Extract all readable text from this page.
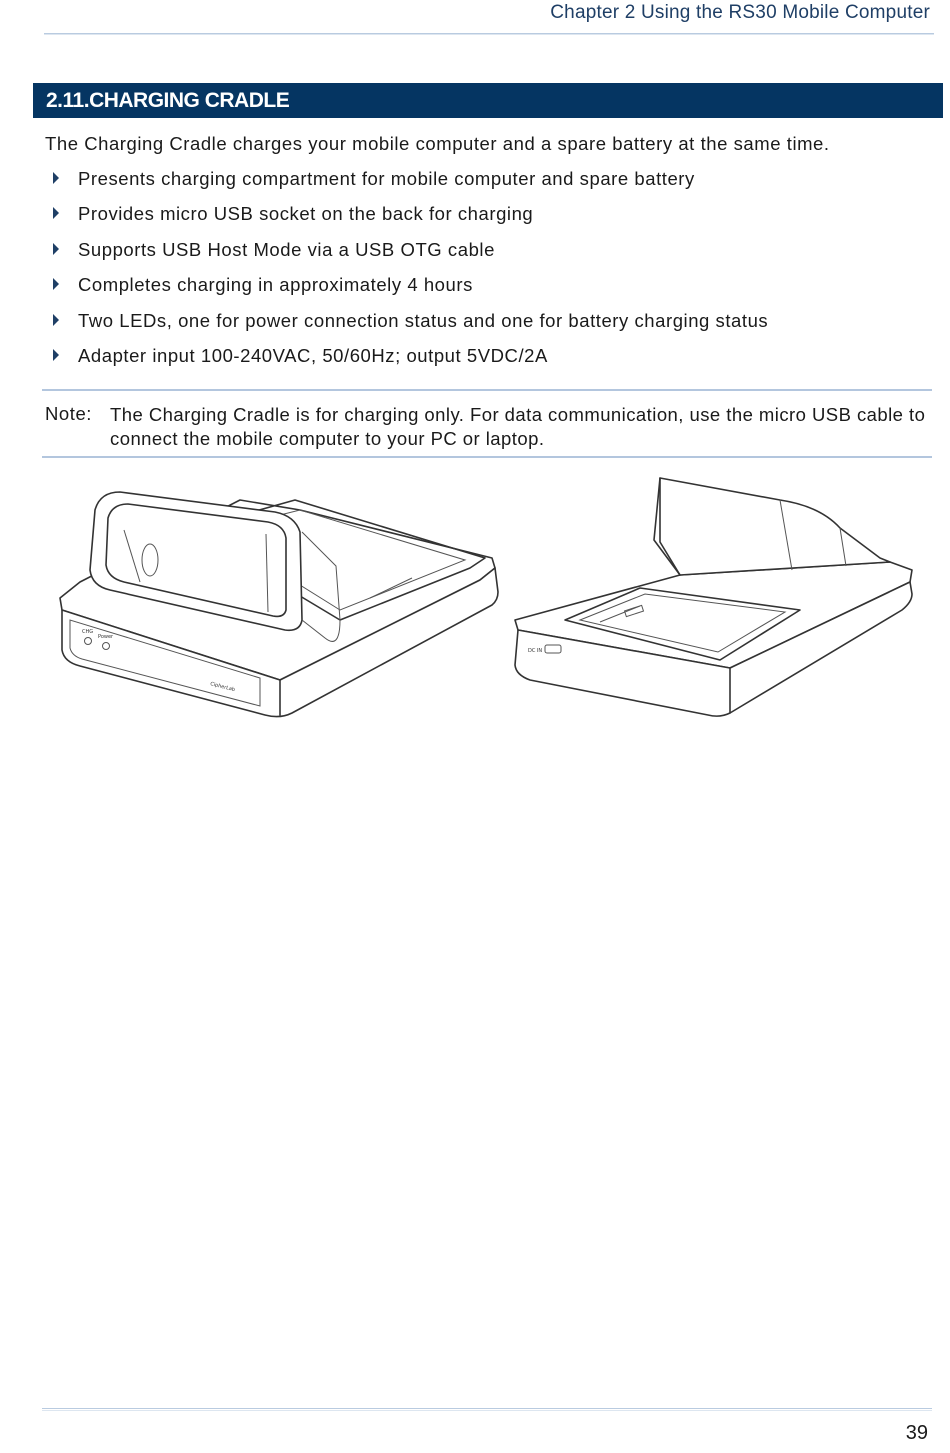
Chapter 2 Using the RS30 Mobile Computer
2.11.CHARGING CRADLE
The Charging Cradle charges your mobile computer and a spare battery at the same time.
Presents charging compartment for mobile computer and spare battery
Provides micro USB socket on the back for charging
Supports USB Host Mode via a USB OTG cable
Completes charging in approximately 4 hours
Two LEDs, one for power connection status and one for battery charging status
Adapter input 100-240VAC, 50/60Hz; output 5VDC/2A
Note: The Charging Cradle is for charging only. For data communication, use the micro USB cable to connect the mobile computer to your PC or laptop.
CHG
Power
CipherLab
DC IN
39
